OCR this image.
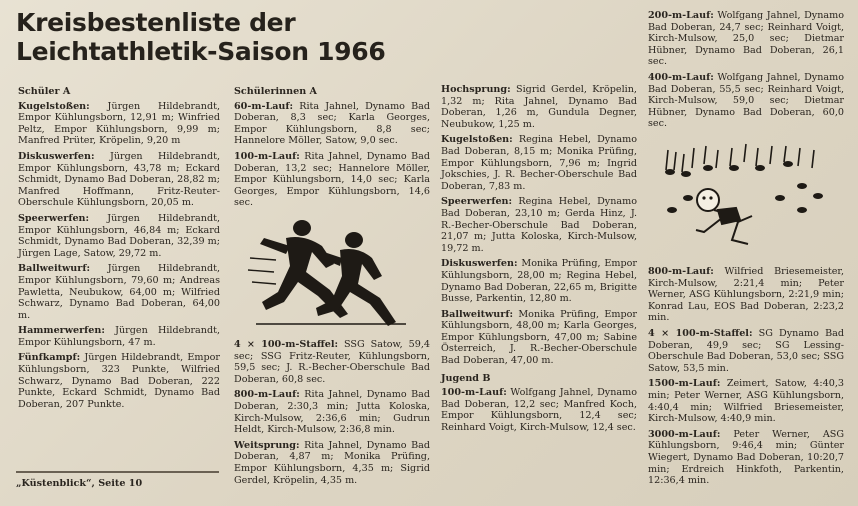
Kreisbestenliste der Leichtathletik-Saison 1966
Schüler A

Kugelstoßen: Jürgen Hildebrandt, Empor Kühlungsborn, 12,91 m; Winfried Peltz, Empor Kühlungsborn, 9,99 m; Manfred Prüter, Kröpelin, 9,20 m

Diskuswerfen: Jürgen Hildebrandt, Empor Kühlungsborn, 43,78 m; Eckard Schmidt, Dynamo Bad Doberan, 28,82 m; Manfred Hoffmann, Fritz-Reuter-Oberschule Kühlungsborn, 20,05 m.

Speerwerfen: Jürgen Hildebrandt, Empor Kühlungsborn, 46,84 m; Eckard Schmidt, Dynamo Bad Doberan, 32,39 m; Jürgen Lage, Satow, 29,72 m.

Ballweitwurf: Jürgen Hildebrandt, Empor Kühlungsborn, 79,60 m; Andreas Pawletta, Neubukow, 64,00 m; Wilfried Schwarz, Dynamo Bad Doberan, 64,00 m.

Hammerwerfen: Jürgen Hildebrandt, Empor Kühlungsborn, 47 m.

Fünfkampf: Jürgen Hildebrandt, Empor Kühlungsborn, 323 Punkte, Wilfried Schwarz, Dynamo Bad Doberan, 222 Punkte, Eckard Schmidt, Dynamo Bad Doberan, 207 Punkte.

„Küstenblick“, Seite 10
Schülerinnen A

60-m-Lauf: Rita Jahnel, Dynamo Bad Doberan, 8,3 sec; Karla Georges, Empor Kühlungsborn, 8,8 sec; Hannelore Möller, Satow, 9,0 sec.

100-m-Lauf: Rita Jahnel, Dynamo Bad Doberan, 13,2 sec; Hannelore Möller, Empor Kühlungsborn, 14,0 sec; Karla Georges, Empor Kühlungsborn, 14,6 sec.

4 × 100-m-Staffel: SSG Satow, 59,4 sec; SSG Fritz-Reuter, Kühlungsborn, 59,5 sec; J. R.-Becher-Oberschule Bad Doberan, 60,8 sec.

800-m-Lauf: Rita Jahnel, Dynamo Bad Doberan, 2:30,3 min; Jutta Koloska, Kirch-Mulsow, 2:36,6 min; Gudrun Heldt, Kirch-Mulsow, 2:36,8 min.

Weitsprung: Rita Jahnel, Dynamo Bad Doberan, 4,87 m; Monika Prüfing, Empor Kühlungsborn, 4,35 m; Sigrid Gerdel, Kröpelin, 4,35 m.

Hochsprung: Sigrid Gerdel, Kröpelin, 1,32 m; Rita Jahnel, Dynamo Bad Doberan, 1,26 m, Gundula Degner, Neubukow, 1,25 m.

Kugelstoßen: Regina Hebel, Dynamo Bad Doberan, 8,15 m; Monika Prüfing, Empor Kühlungsborn, 7,96 m; Ingrid Jokschies, J. R. Becher-Oberschule Bad Doberan, 7,83 m.

Speerwerfen: Regina Hebel, Dynamo Bad Doberan, 23,10 m; Gerda Hinz, J. R.-Becher-Oberschule Bad Doberan, 21,07 m; Jutta Koloska, Kirch-Mulsow, 19,72 m.

Diskuswerfen: Monika Prüfing, Empor Kühlungsborn, 28,00 m; Regina Hebel, Dynamo Bad Doberan, 22,65 m, Brigitte Busse, Parkentin, 12,80 m.

Ballweitwurf: Monika Prüfing, Empor Kühlungsborn, 48,00 m; Karla Georges, Empor Kühlungsborn, 47,00 m; Sabine Österreich, J. R.-Becher-Oberschule Bad Doberan, 47,00 m.

Jugend B

100-m-Lauf: Wolfgang Jahnel, Dynamo Bad Doberan, 12,2 sec; Manfred Koch, Empor Kühlungsborn, 12,4 sec; Reinhard Voigt, Kirch-Mulsow, 12,4 sec.

200-m-Lauf: Wolfgang Jahnel, Dynamo Bad Doberan, 24,7 sec; Reinhard Voigt, Kirch-Mulsow, 25,0 sec; Dietmar Hübner, Dynamo Bad Doberan, 26,1 sec.

400-m-Lauf: Wolfgang Jahnel, Dynamo Bad Doberan, 55,5 sec; Reinhard Voigt, Kirch-Mulsow, 59,0 sec; Dietmar Hübner, Dynamo Bad Doberan, 60,0 sec.

800-m-Lauf: Wilfried Briesemeister, Kirch-Mulsow, 2:21,4 min; Peter Werner, ASG Kühlungsborn, 2:21,9 min; Konrad Lau, EOS Bad Doberan, 2:23,2 min.

4 × 100-m-Staffel: SG Dynamo Bad Doberan, 49,9 sec; SG Lessing-Oberschule Bad Doberan, 53,0 sec; SSG Satow, 53,5 min.

1500-m-Lauf: Zeimert, Satow, 4:40,3 min; Peter Werner, ASG Kühlungsborn, 4:40,4 min; Wilfried Briesemeister, Kirch-Mulsow, 4:40,9 min.

3000-m-Lauf: Peter Werner, ASG Kühlungsborn, 9:46,4 min; Günter Wiegert, Dynamo Bad Doberan, 10:20,7 min; Erdreich Hinkfoth, Parkentin, 12:36,4 min.
